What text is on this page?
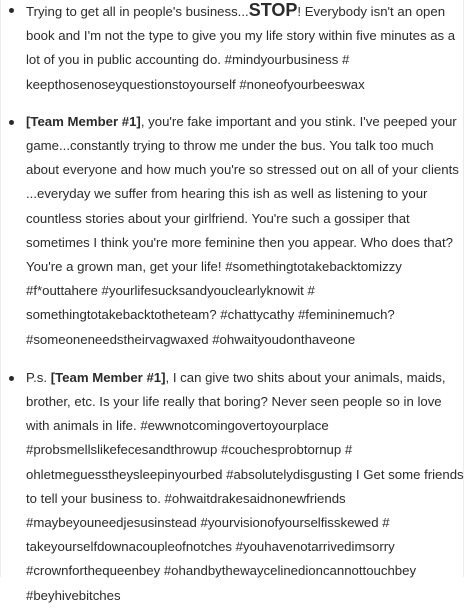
Trying to get all in people's business...STOP! Everybody isn't an open
book and I'm not the type to give you my life story within five minutes as a
lot of you in public accounting do. #mindyourbusiness #
keepthosenoseyquestionstoyourself #noneofyourbeeswax
[Team Member #1], you're fake important and you stink. I've peeped your
game...constantly trying to throw me under the bus. You talk too much
about everyone and how much you're so stressed out on all of your clients
...everyday we suffer from hearing this ish as well as listening to your
countless stories about your girlfriend. You're such a gossiper that
sometimes I think you're more feminine then you appear. Who does that?
You're a grown man, get your life! #somethingtotakebacktomizzy
#f*outtahere #yourlifesucksandyouclearlyknowit #
somethingtotakebacktotheteam? #chattycathy #femininemuch?
#someoneneedstheirvagwaxed #ohwaityoudonthaveone
P.s. [Team Member #1], I can give two shits about your animals, maids,
brother, etc. Is your life really that boring? Never seen people so in love
with animals in life. #ewwnotcomingovertoyourplace
#probsmellslikefecesandthrowup #couchesprobtornup #
ohletmeguesstheysleepinyourbed #absolutelydisgusting I Get some friends
to tell your business to. #ohwaitdrakesaidnonewfriends
#maybeyouneedjesusinstead #yourvisionofyourselfisskewed #
takeyourselfdownacoupleofnotches #youhavenotarrivedimsorry
#crownforthequeenbey #ohandbythewaycelinedioncannottouchbey
#beyhivebitches
